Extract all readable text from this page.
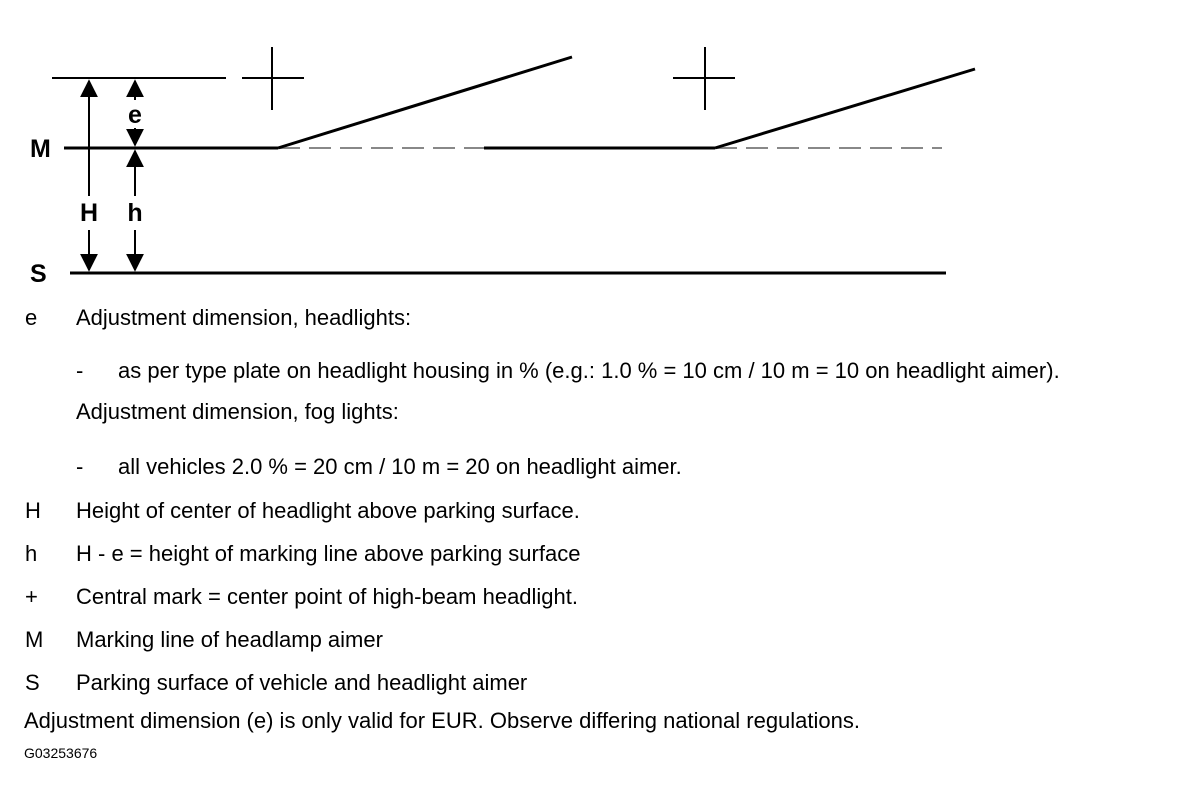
M
S
H h
e
e	Adjustment dimension, headlights:
- as per type plate on headlight housing in % (e.g.: 1.0 % = 10 cm / 10 m = 10 on headlight aimer).
Adjustment dimension, fog lights:
- all vehicles 2.0 % = 20 cm / 10 m = 20 on headlight aimer.
H	Height of center of headlight above parking surface.
h	H - e = height of marking line above parking surface
+	Central mark = center point of high-beam headlight.
M	Marking line of headlamp aimer
S	Parking surface of vehicle and headlight aimer
Adjustment dimension (e) is only valid for EUR. Observe differing national regulations.
G03253676
